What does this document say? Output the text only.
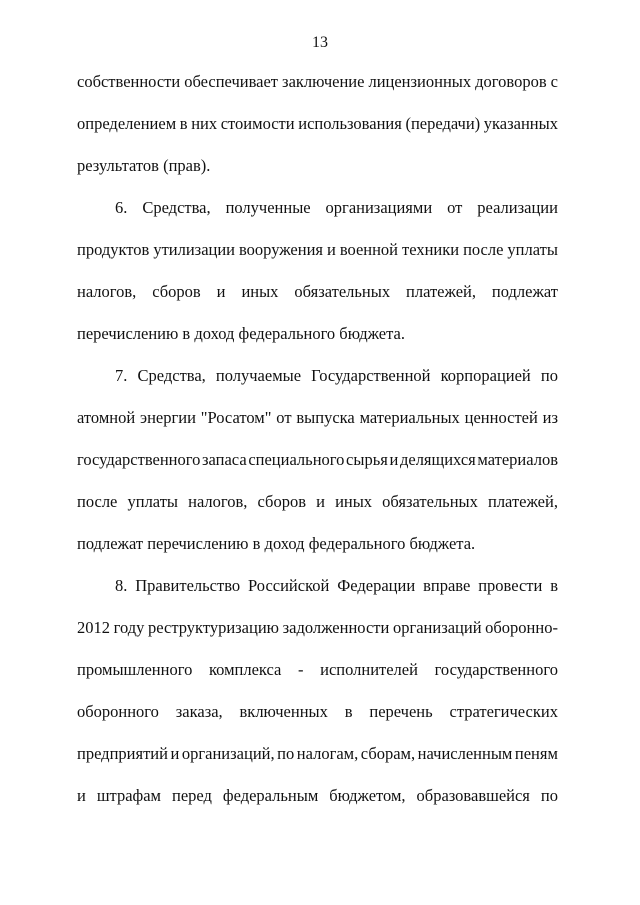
13
собственности обеспечивает заключение лицензионных договоров с
определением в них стоимости использования (передачи) указанных
результатов (прав).
6. Средства, полученные организациями от реализации
продуктов утилизации вооружения и военной техники после уплаты
налогов, сборов и иных обязательных платежей, подлежат
перечислению в доход федерального бюджета.
7. Средства, получаемые Государственной корпорацией по
атомной энергии "Росатом" от выпуска материальных ценностей из
государственного запаса специального сырья и делящихся материалов
после уплаты налогов, сборов и иных обязательных платежей,
подлежат перечислению в доход федерального бюджета.
8. Правительство Российской Федерации вправе провести в
2012 году реструктуризацию задолженности организаций оборонно-
промышленного комплекса - исполнителей государственного
оборонного заказа, включенных в перечень стратегических
предприятий и организаций, по налогам, сборам, начисленным пеням
и штрафам перед федеральным бюджетом, образовавшейся по
